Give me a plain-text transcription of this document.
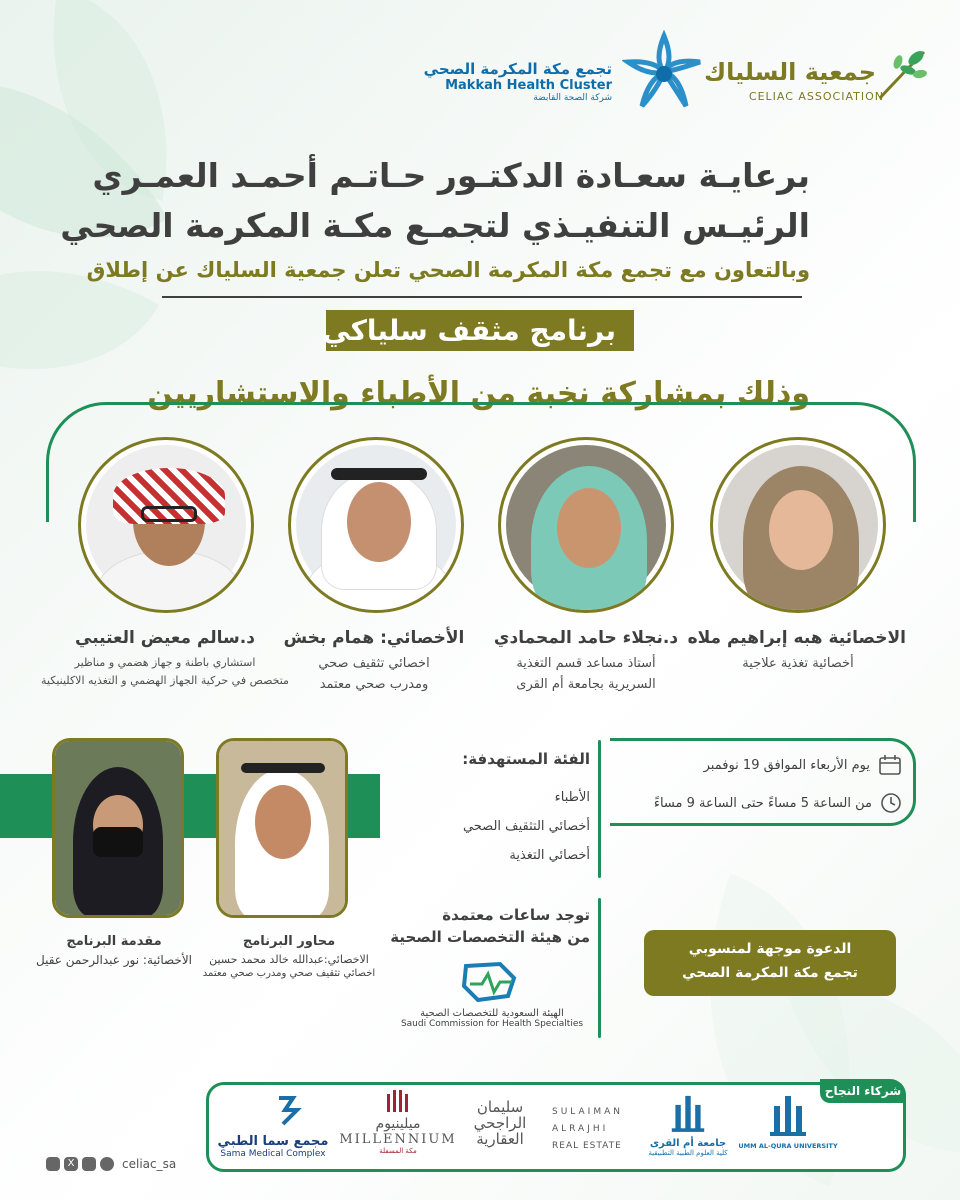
جمعية السلياك
CELIAC ASSOCIATION
تجمع مكة المكرمة الصحي
Makkah Health Cluster
شركة الصحة القابضة
برعايـة سعـادة الدكتـور حـاتـم أحمـد العمـري
الرئيـس التنفيـذي لتجمـع مكـة المكرمة الصحي
وبالتعاون مع تجمع مكة المكرمة الصحي تعلن جمعية السلياك عن إطلاق
برنامج مثقف سلياكي
وذلك بمشاركة نخبة من الأطباء والاستشاريين
د.سالم معيض العتيبي
استشاري باطنة و جهاز هضمي و مناظير
متخصص في حركية الجهاز الهضمي و التغذيه الاكلينيكية
الأخصائي: همام بخش
اخصائي تثقيف صحي
ومدرب صحي معتمد
د.نجلاء حامد المحمادي
أستاذ مساعد قسم التغذية
السريرية بجامعة أم القرى
الاخصائية هبه إبراهيم ملاه
أخصائية تغذية علاجية
مقدمة البرنامج
الأخصائية: نور عبدالرحمن عقيل
محاور البرنامج
الاخصائي:عبدالله خالد محمد حسين
اخصائي تثقيف صحي ومدرب صحي معتمد
الفئة المستهدفة:
الأطباء
أخصائي التثقيف الصحي
أخصائي التغذية
توجد ساعات معتمدة
من هيئة التخصصات الصحية
الهيئة السعودية للتخصصات الصحية
Saudi Commission for Health Specialties
يوم الأربعاء الموافق 19 نوفمبر
من الساعة 5 مساءً حتى الساعة 9 مساءً
الدعوة موجهة لمنسوبي
تجمع مكة المكرمة الصحي
شركاء النجاح
UMM AL-QURA UNIVERSITY
جامعة أم القرى
كلية العلوم الطبية التطبيقية
سليمان
الراجحي
العقارية
SULAIMAN
ALRAJHI
REAL ESTATE
ميلينيوم
MILLENNIUM
مكة المسفلة
مجمع سما الطبي
Sama Medical Complex
X	celiac_sa
